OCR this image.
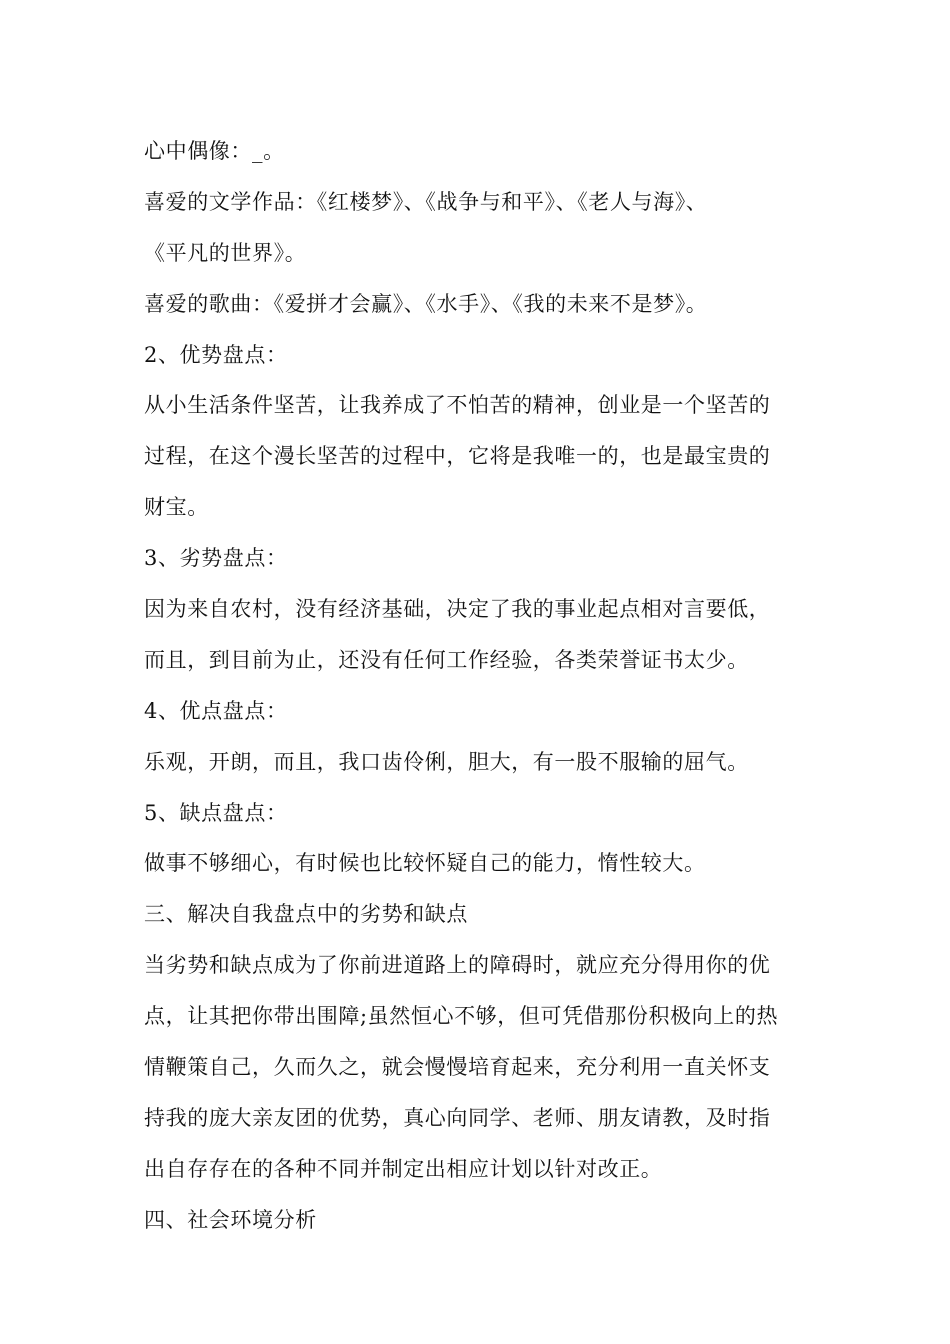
心中偶像：_。
喜爱的文学作品：《红楼梦》、《战争与和平》、《老人与海》、
《平凡的世界》。
喜爱的歌曲：《爱拼才会赢》、《水手》、《我的未来不是梦》。
2、优势盘点：
从小生活条件坚苦，让我养成了不怕苦的精神，创业是一个坚苦的
过程，在这个漫长坚苦的过程中，它将是我唯一的，也是最宝贵的
财宝。
3、劣势盘点：
因为来自农村，没有经济基础，决定了我的事业起点相对言要低，
而且，到目前为止，还没有任何工作经验，各类荣誉证书太少。
4、优点盘点：
乐观，开朗，而且，我口齿伶俐，胆大，有一股不服输的屈气。
5、缺点盘点：
做事不够细心，有时候也比较怀疑自己的能力，惰性较大。
三、解决自我盘点中的劣势和缺点
当劣势和缺点成为了你前进道路上的障碍时，就应充分得用你的优
点，让其把你带出围障;虽然恒心不够，但可凭借那份积极向上的热
情鞭策自己，久而久之，就会慢慢培育起来，充分利用一直关怀支
持我的庞大亲友团的优势，真心向同学、老师、朋友请教，及时指
出自存存在的各种不同并制定出相应计划以针对改正。
四、社会环境分析
